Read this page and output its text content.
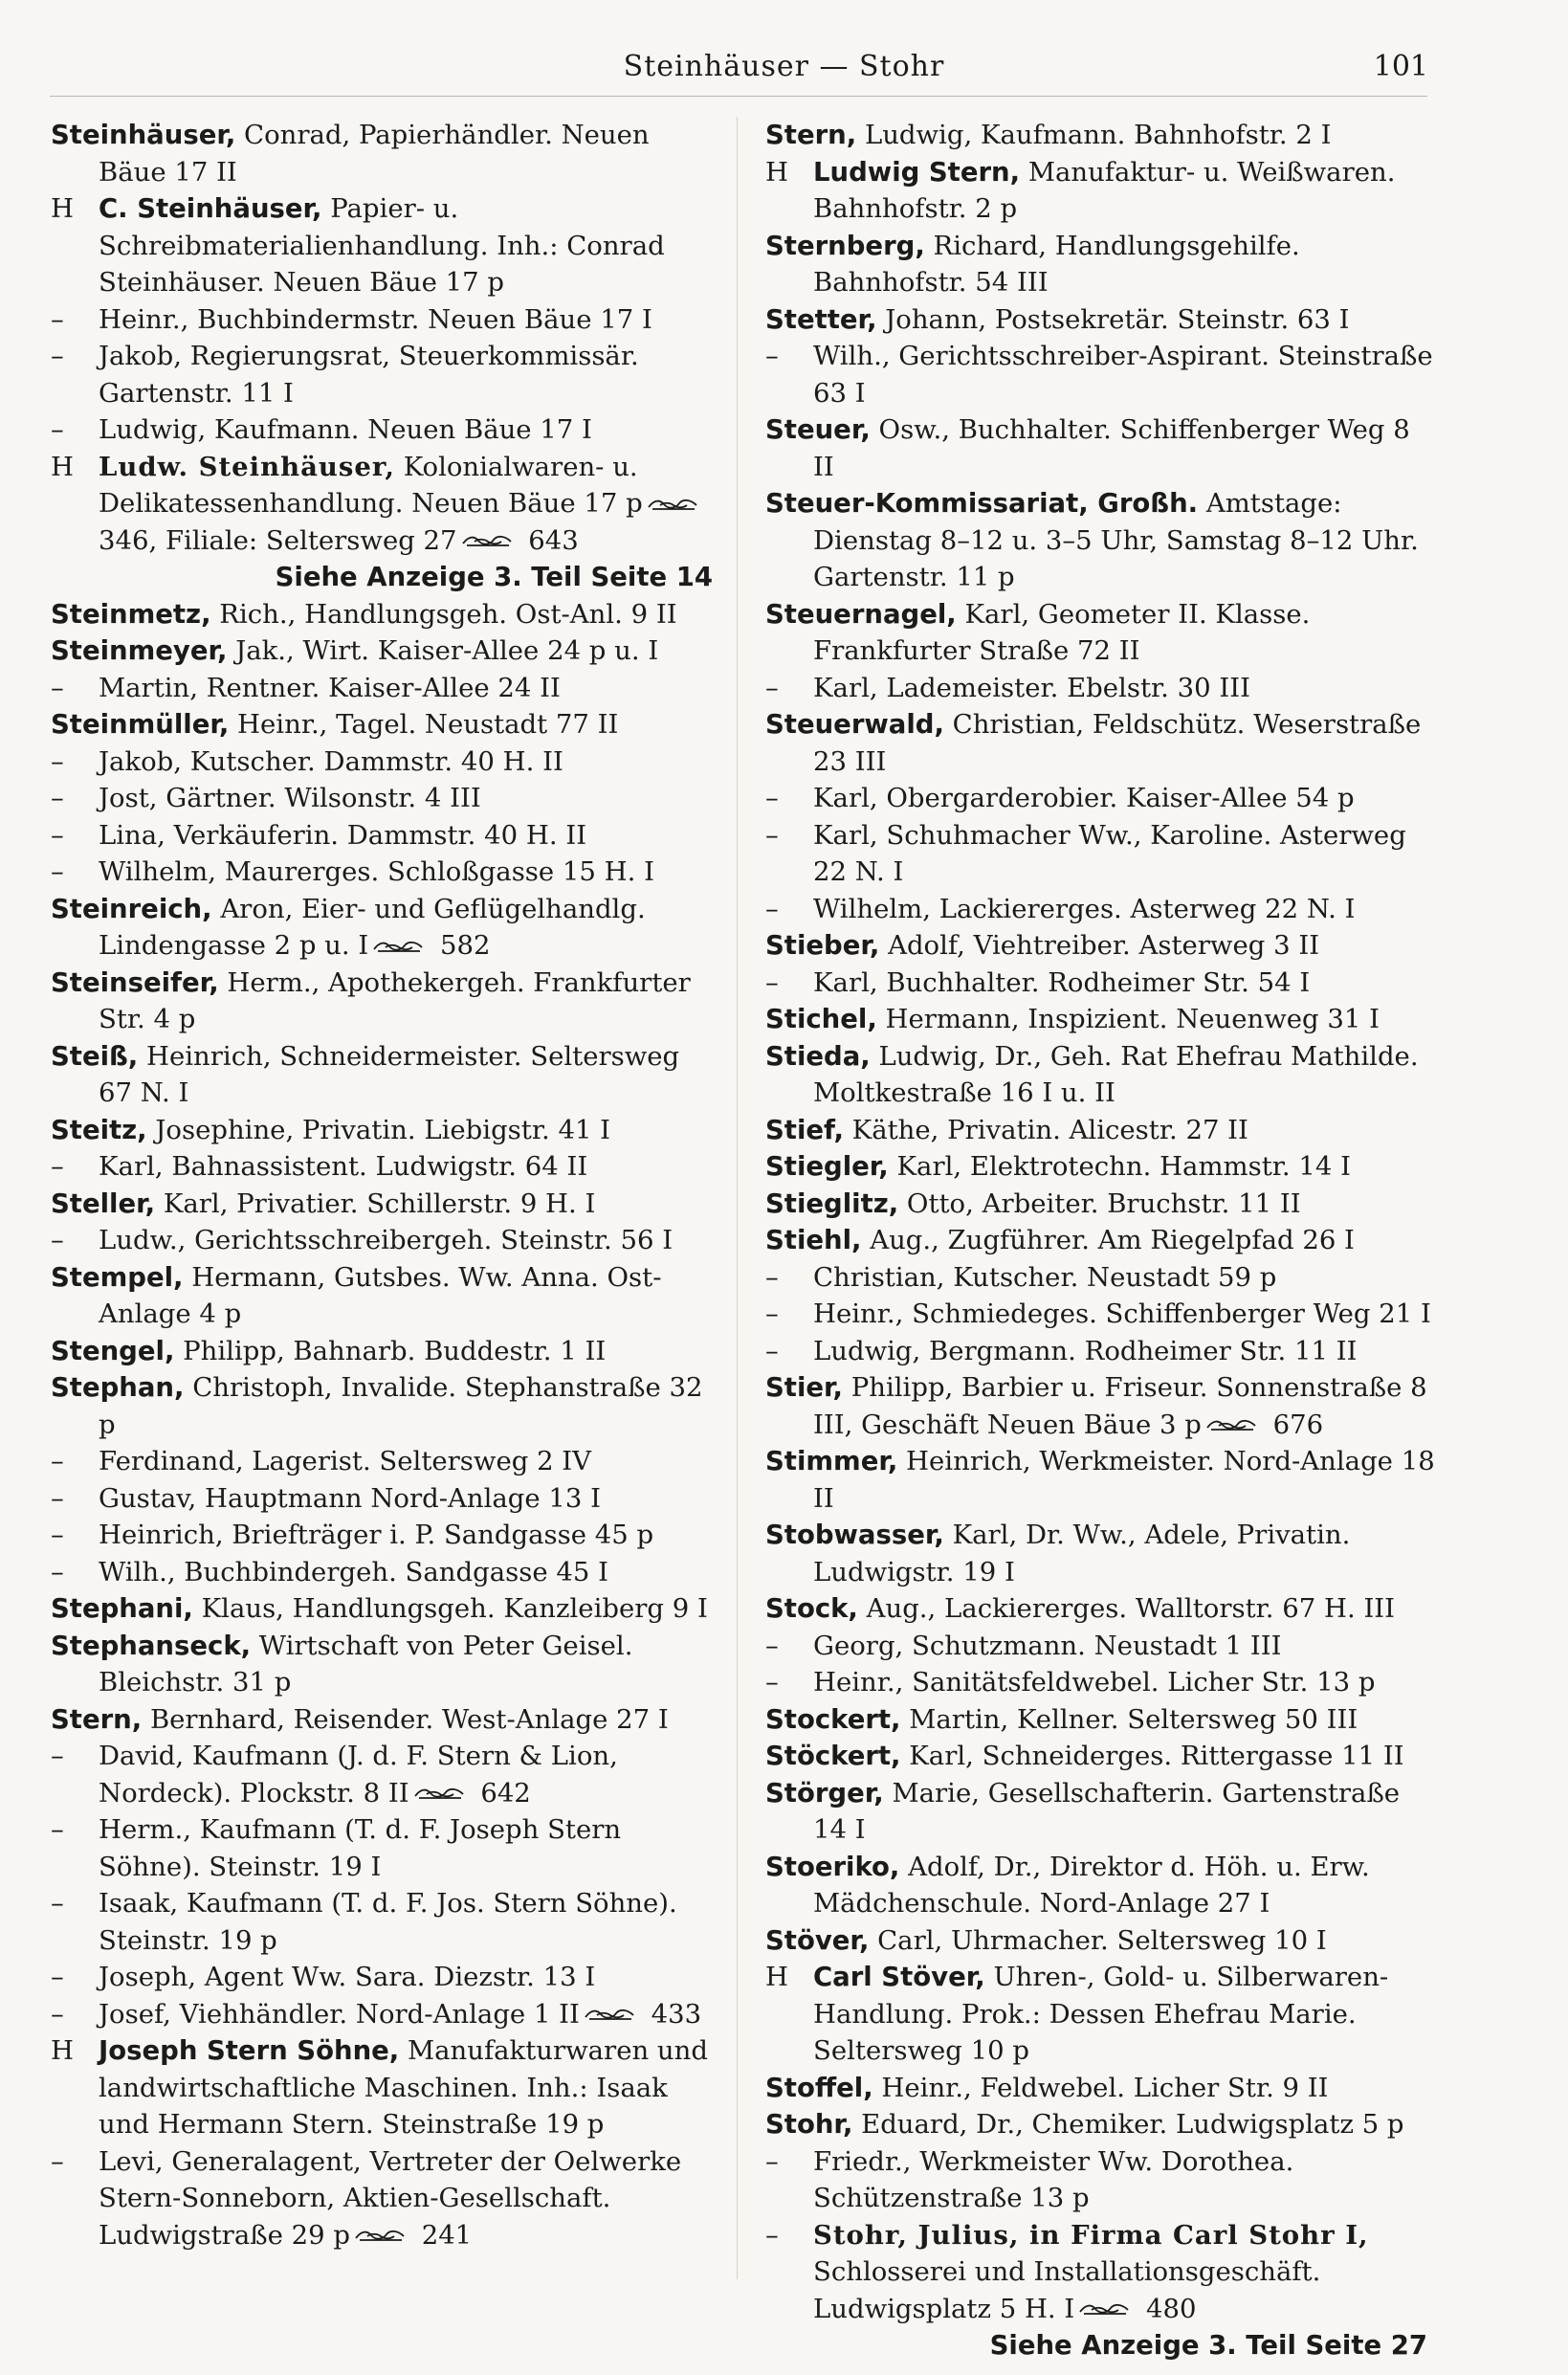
Steinhäuser — Stohr	101

Steinhäuser, Conrad, Papierhändler. Neuen Bäue 17 II

H C. Steinhäuser, Papier- u. Schreibmaterialienhandlung. Inh.: Conrad Steinhäuser. Neuen Bäue 17 p

– Heinr., Buchbindermstr. Neuen Bäue 17 I

– Jakob, Regierungsrat, Steuerkommissär. Gartenstr. 11 I

– Ludwig, Kaufmann. Neuen Bäue 17 I

H Ludw. Steinhäuser, Kolonialwaren- u. Delikatessenhandlung. Neuen Bäue 17 p 346, Filiale: Seltersweg 27 643

Siehe Anzeige 3. Teil Seite 14

Steinmetz, Rich., Handlungsgeh. Ost-Anl. 9 II

Steinmeyer, Jak., Wirt. Kaiser-Allee 24 p u. I

– Martin, Rentner. Kaiser-Allee 24 II

Steinmüller, Heinr., Tagel. Neustadt 77 II

– Jakob, Kutscher. Dammstr. 40 H. II

– Jost, Gärtner. Wilsonstr. 4 III

– Lina, Verkäuferin. Dammstr. 40 H. II

– Wilhelm, Maurerges. Schloßgasse 15 H. I

Steinreich, Aron, Eier- und Geflügelhandlg. Lindengasse 2 p u. I 582

Steinseifer, Herm., Apothekergeh. Frankfurter Str. 4 p

Steiß, Heinrich, Schneidermeister. Seltersweg 67 N. I

Steitz, Josephine, Privatin. Liebigstr. 41 I

– Karl, Bahnassistent. Ludwigstr. 64 II

Steller, Karl, Privatier. Schillerstr. 9 H. I

– Ludw., Gerichtsschreibergeh. Steinstr. 56 I

Stempel, Hermann, Gutsbes. Ww. Anna. Ost-Anlage 4 p

Stengel, Philipp, Bahnarb. Buddestr. 1 II

Stephan, Christoph, Invalide. Stephanstraße 32 p

– Ferdinand, Lagerist. Seltersweg 2 IV

– Gustav, Hauptmann Nord-Anlage 13 I

– Heinrich, Briefträger i. P. Sandgasse 45 p

– Wilh., Buchbindergeh. Sandgasse 45 I

Stephani, Klaus, Handlungsgeh. Kanzleiberg 9 I

Stephanseck, Wirtschaft von Peter Geisel. Bleichstr. 31 p

Stern, Bernhard, Reisender. West-Anlage 27 I

– David, Kaufmann (J. d. F. Stern & Lion, Nordeck). Plockstr. 8 II 642

– Herm., Kaufmann (T. d. F. Joseph Stern Söhne). Steinstr. 19 I

– Isaak, Kaufmann (T. d. F. Jos. Stern Söhne). Steinstr. 19 p

– Joseph, Agent Ww. Sara. Diezstr. 13 I

– Josef, Viehhändler. Nord-Anlage 1 II 433

H Joseph Stern Söhne, Manufakturwaren und landwirtschaftliche Maschinen. Inh.: Isaak und Hermann Stern. Steinstraße 19 p

– Levi, Generalagent, Vertreter der Oelwerke Stern-Sonneborn, Aktien-Gesellschaft. Ludwigstraße 29 p 241

Stern, Ludwig, Kaufmann. Bahnhofstr. 2 I

H Ludwig Stern, Manufaktur- u. Weißwaren. Bahnhofstr. 2 p

Sternberg, Richard, Handlungsgehilfe. Bahnhofstr. 54 III

Stetter, Johann, Postsekretär. Steinstr. 63 I

– Wilh., Gerichtsschreiber-Aspirant. Steinstraße 63 I

Steuer, Osw., Buchhalter. Schiffenberger Weg 8 II

Steuer-Kommissariat, Großh. Amtstage: Dienstag 8–12 u. 3–5 Uhr, Samstag 8–12 Uhr. Gartenstr. 11 p

Steuernagel, Karl, Geometer II. Klasse. Frankfurter Straße 72 II

– Karl, Lademeister. Ebelstr. 30 III

Steuerwald, Christian, Feldschütz. Weserstraße 23 III

– Karl, Obergarderobier. Kaiser-Allee 54 p

– Karl, Schuhmacher Ww., Karoline. Asterweg 22 N. I

– Wilhelm, Lackiererges. Asterweg 22 N. I

Stieber, Adolf, Viehtreiber. Asterweg 3 II

– Karl, Buchhalter. Rodheimer Str. 54 I

Stichel, Hermann, Inspizient. Neuenweg 31 I

Stieda, Ludwig, Dr., Geh. Rat Ehefrau Mathilde. Moltkestraße 16 I u. II

Stief, Käthe, Privatin. Alicestr. 27 II

Stiegler, Karl, Elektrotechn. Hammstr. 14 I

Stieglitz, Otto, Arbeiter. Bruchstr. 11 II

Stiehl, Aug., Zugführer. Am Riegelpfad 26 I

– Christian, Kutscher. Neustadt 59 p

– Heinr., Schmiedeges. Schiffenberger Weg 21 I

– Ludwig, Bergmann. Rodheimer Str. 11 II

Stier, Philipp, Barbier u. Friseur. Sonnenstraße 8 III, Geschäft Neuen Bäue 3 p 676

Stimmer, Heinrich, Werkmeister. Nord-Anlage 18 II

Stobwasser, Karl, Dr. Ww., Adele, Privatin. Ludwigstr. 19 I

Stock, Aug., Lackiererges. Walltorstr. 67 H. III

– Georg, Schutzmann. Neustadt 1 III

– Heinr., Sanitätsfeldwebel. Licher Str. 13 p

Stockert, Martin, Kellner. Seltersweg 50 III

Stöckert, Karl, Schneiderges. Rittergasse 11 II

Störger, Marie, Gesellschafterin. Gartenstraße 14 I

Stoeriko, Adolf, Dr., Direktor d. Höh. u. Erw. Mädchenschule. Nord-Anlage 27 I

Stöver, Carl, Uhrmacher. Seltersweg 10 I

H Carl Stöver, Uhren-, Gold- u. Silberwaren-Handlung. Prok.: Dessen Ehefrau Marie. Seltersweg 10 p

Stoffel, Heinr., Feldwebel. Licher Str. 9 II

Stohr, Eduard, Dr., Chemiker. Ludwigsplatz 5 p

– Friedr., Werkmeister Ww. Dorothea. Schützenstraße 13 p

– Stohr, Julius, in Firma Carl Stohr I, Schlosserei und Installationsgeschäft. Ludwigsplatz 5 H. I 480

Siehe Anzeige 3. Teil Seite 27
